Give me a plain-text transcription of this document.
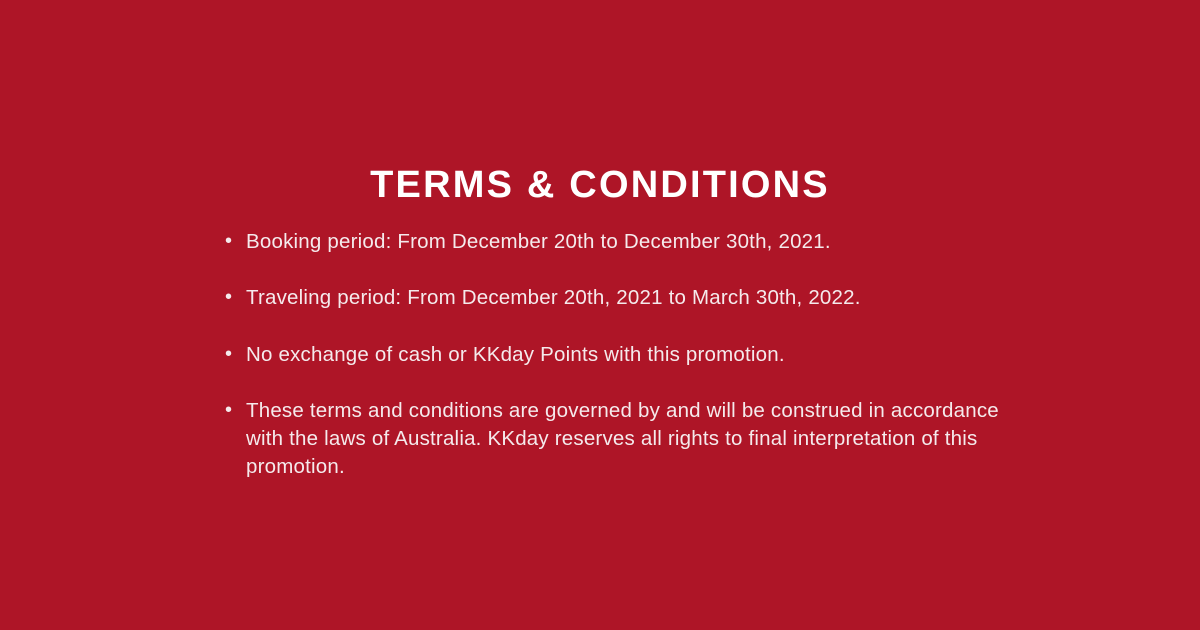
TERMS & CONDITIONS
• Booking period: From December 20th to December 30th, 2021.
• Traveling period: From December 20th, 2021 to March 30th, 2022.
• No exchange of cash or KKday Points with this promotion.
• These terms and conditions are governed by and will be construed in accordance with the laws of Australia. KKday reserves all rights to final interpretation of this promotion.
